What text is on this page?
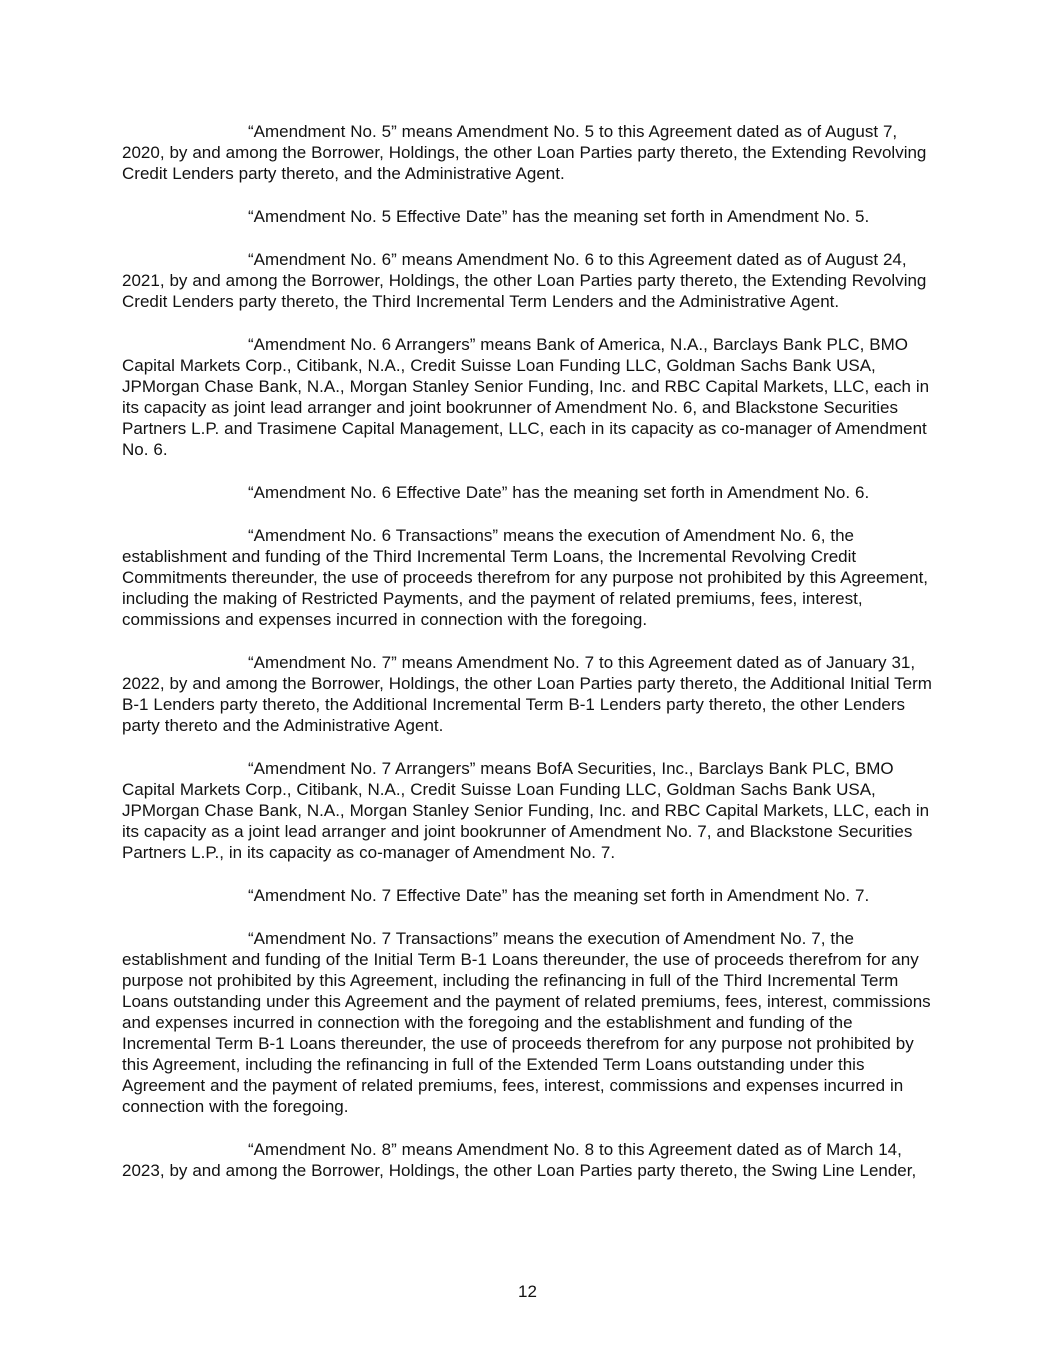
“Amendment No. 5” means Amendment No. 5 to this Agreement dated as of August 7, 2020, by and among the Borrower, Holdings, the other Loan Parties party thereto, the Extending Revolving Credit Lenders party thereto, and the Administrative Agent.

“Amendment No. 5 Effective Date” has the meaning set forth in Amendment No. 5.

“Amendment No. 6” means Amendment No. 6 to this Agreement dated as of August 24, 2021, by and among the Borrower, Holdings, the other Loan Parties party thereto, the Extending Revolving Credit Lenders party thereto, the Third Incremental Term Lenders and the Administrative Agent.

“Amendment No. 6 Arrangers” means Bank of America, N.A., Barclays Bank PLC, BMO Capital Markets Corp., Citibank, N.A., Credit Suisse Loan Funding LLC, Goldman Sachs Bank USA, JPMorgan Chase Bank, N.A., Morgan Stanley Senior Funding, Inc. and RBC Capital Markets, LLC, each in its capacity as joint lead arranger and joint bookrunner of Amendment No. 6, and Blackstone Securities Partners L.P. and Trasimene Capital Management, LLC, each in its capacity as co-manager of Amendment No. 6.

“Amendment No. 6 Effective Date” has the meaning set forth in Amendment No. 6.

“Amendment No. 6 Transactions” means the execution of Amendment No. 6, the establishment and funding of the Third Incremental Term Loans, the Incremental Revolving Credit Commitments thereunder, the use of proceeds therefrom for any purpose not prohibited by this Agreement, including the making of Restricted Payments, and the payment of related premiums, fees, interest, commissions and expenses incurred in connection with the foregoing.

“Amendment No. 7” means Amendment No. 7 to this Agreement dated as of January 31, 2022, by and among the Borrower, Holdings, the other Loan Parties party thereto, the Additional Initial Term B-1 Lenders party thereto, the Additional Incremental Term B-1 Lenders party thereto, the other Lenders party thereto and the Administrative Agent.

“Amendment No. 7 Arrangers” means BofA Securities, Inc., Barclays Bank PLC, BMO Capital Markets Corp., Citibank, N.A., Credit Suisse Loan Funding LLC, Goldman Sachs Bank USA, JPMorgan Chase Bank, N.A., Morgan Stanley Senior Funding, Inc. and RBC Capital Markets, LLC, each in its capacity as a joint lead arranger and joint bookrunner of Amendment No. 7, and Blackstone Securities Partners L.P., in its capacity as co-manager of Amendment No. 7.

“Amendment No. 7 Effective Date” has the meaning set forth in Amendment No. 7.

“Amendment No. 7 Transactions” means the execution of Amendment No. 7, the establishment and funding of the Initial Term B-1 Loans thereunder, the use of proceeds therefrom for any purpose not prohibited by this Agreement, including the refinancing in full of the Third Incremental Term Loans outstanding under this Agreement and the payment of related premiums, fees, interest, commissions and expenses incurred in connection with the foregoing and the establishment and funding of the Incremental Term B-1 Loans thereunder, the use of proceeds therefrom for any purpose not prohibited by this Agreement, including the refinancing in full of the Extended Term Loans outstanding under this Agreement and the payment of related premiums, fees, interest, commissions and expenses incurred in connection with the foregoing.

“Amendment No. 8” means Amendment No. 8 to this Agreement dated as of March 14, 2023, by and among the Borrower, Holdings, the other Loan Parties party thereto, the Swing Line Lender,

12
